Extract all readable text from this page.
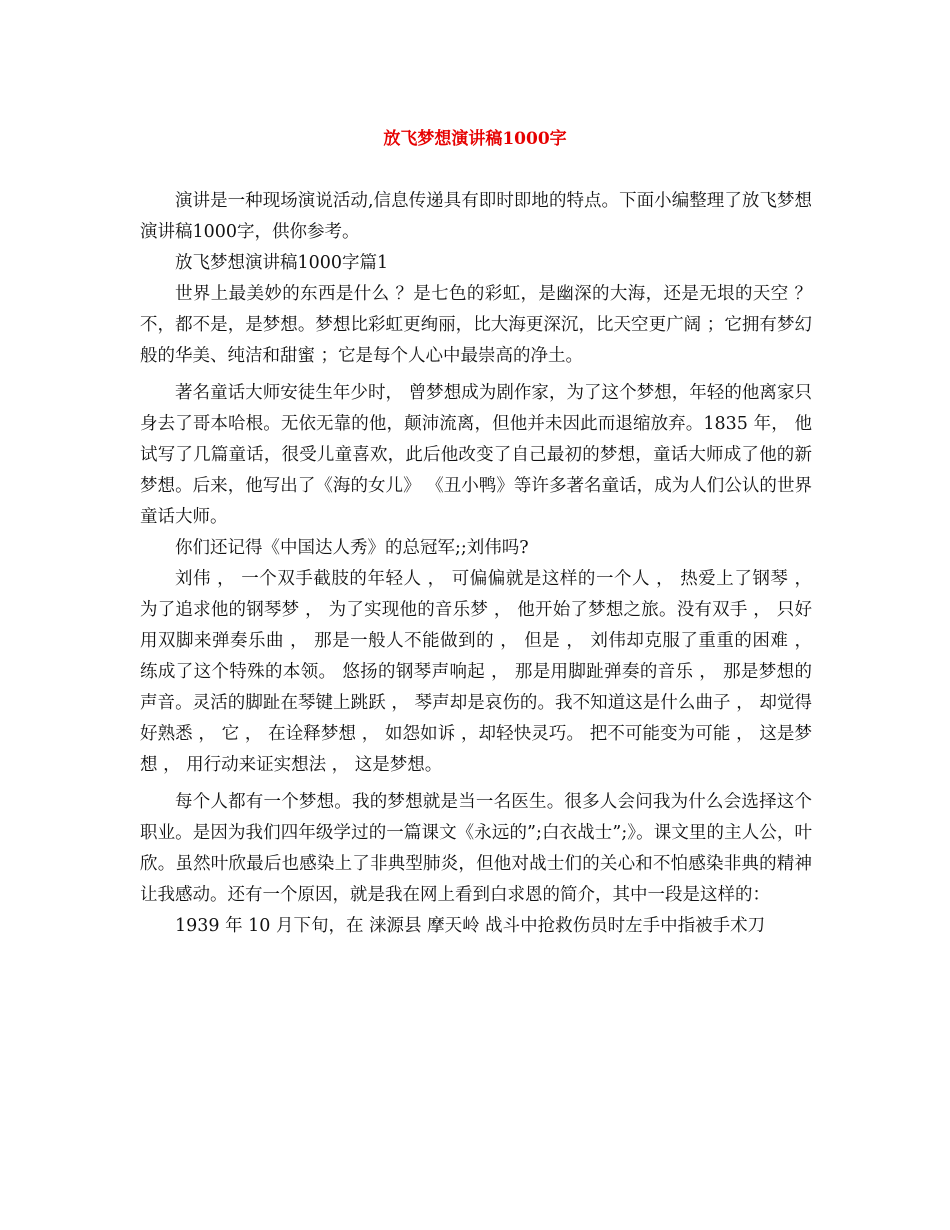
放飞梦想演讲稿1000字

演讲是一种现场演说活动,信息传递具有即时即地的特点。下面小编整理了放飞梦想演讲稿1000字，供你参考。

放飞梦想演讲稿1000字篇1

世界上最美妙的东西是什么 ？是七色的彩虹，是幽深的大海，还是无垠的天空 ？不，都不是，是梦想。梦想比彩虹更绚丽，比大海更深沉，比天空更广阔 ；它拥有梦幻般的华美、纯洁和甜蜜 ；它是每个人心中最崇高的净土。

著名童话大师安徒生年少时， 曾梦想成为剧作家，为了这个梦想，年轻的他离家只身去了哥本哈根。无依无靠的他，颠沛流离，但他并未因此而退缩放弃。1835 年， 他试写了几篇童话，很受儿童喜欢，此后他改变了自己最初的梦想，童话大师成了他的新梦想。后来，他写出了《海的女儿》 《丑小鸭》等许多著名童话，成为人们公认的世界童话大师。

你们还记得《中国达人秀》的总冠军;;刘伟吗?

刘伟 ， 一个双手截肢的年轻人 ， 可偏偏就是这样的一个人 ， 热爱上了钢琴 ， 为了追求他的钢琴梦 ， 为了实现他的音乐梦 ， 他开始了梦想之旅。没有双手 ， 只好用双脚来弹奏乐曲 ， 那是一般人不能做到的 ， 但是 ， 刘伟却克服了重重的困难 ， 练成了这个特殊的本领。 悠扬的钢琴声响起 ， 那是用脚趾弹奏的音乐 ， 那是梦想的声音。灵活的脚趾在琴键上跳跃 ， 琴声却是哀伤的。我不知道这是什么曲子 ， 却觉得好熟悉 ， 它 ， 在诠释梦想 ， 如怨如诉 ，却轻快灵巧。 把不可能变为可能 ， 这是梦想 ， 用行动来证实想法 ， 这是梦想。

每个人都有一个梦想。我的梦想就是当一名医生。很多人会问我为什么会选择这个职业。是因为我们四年级学过的一篇课文《永远的”;白衣战士”;》。课文里的主人公，叶欣。虽然叶欣最后也感染上了非典型肺炎，但他对战士们的关心和不怕感染非典的精神让我感动。还有一个原因，就是我在网上看到白求恩的简介，其中一段是这样的：

1939 年 10 月下旬，在 涞源县 摩天岭 战斗中抢救伤员时左手中指被手术刀
